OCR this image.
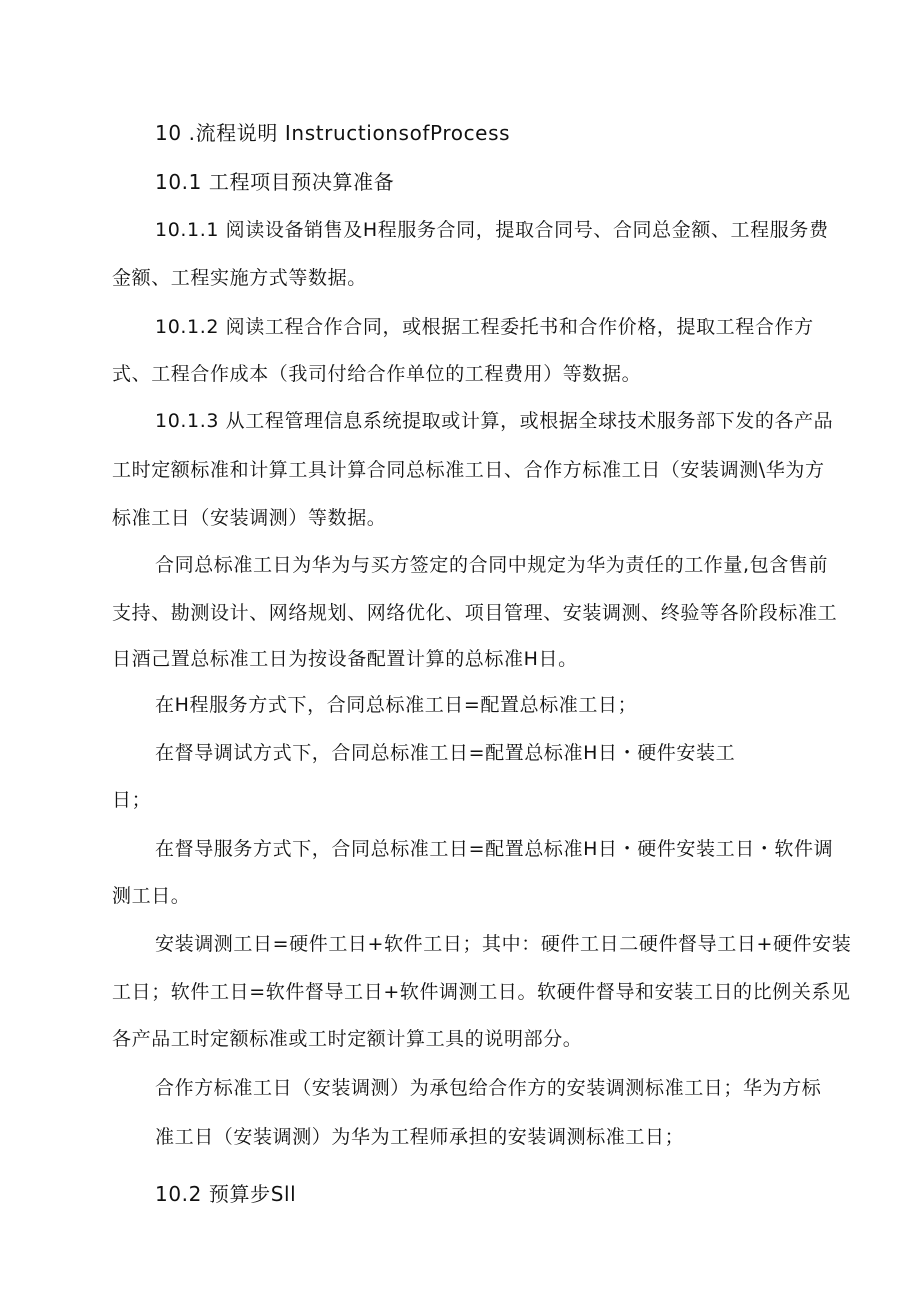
10 .流程说明 InstructionsofProcess

10.1 工程项目预决算准备

10.1.1 阅读设备销售及H程服务合同，提取合同号、合同总金额、工程服务费

金额、工程实施方式等数据。

10.1.2 阅读工程合作合同，或根据工程委托书和合作价格，提取工程合作方

式、工程合作成本（我司付给合作单位的工程费用）等数据。

10.1.3 从工程管理信息系统提取或计算，或根据全球技术服务部下发的各产品

工时定额标准和计算工具计算合同总标准工日、合作方标准工日（安装调测\华为方

标准工日（安装调测）等数据。

合同总标准工日为华为与买方签定的合同中规定为华为责任的工作量,包含售前

支持、勘测设计、网络规划、网络优化、项目管理、安装调测、终验等各阶段标准工

日酒己置总标准工日为按设备配置计算的总标准H日。

在H程服务方式下，合同总标准工日=配置总标准工日；

在督导调试方式下，合同总标准工日=配置总标准H日・硬件安装工

日；

在督导服务方式下，合同总标准工日=配置总标准H日・硬件安装工日・软件调

测工日。

安装调测工日=硬件工日+软件工日；其中：硬件工日二硬件督导工日+硬件安装

工日；软件工日=软件督导工日+软件调测工日。软硬件督导和安装工日的比例关系见

各产品工时定额标准或工时定额计算工具的说明部分。

合作方标准工日（安装调测）为承包给合作方的安装调测标准工日；华为方标

准工日（安装调测）为华为工程师承担的安装调测标准工日；

10.2 预算步Sll
